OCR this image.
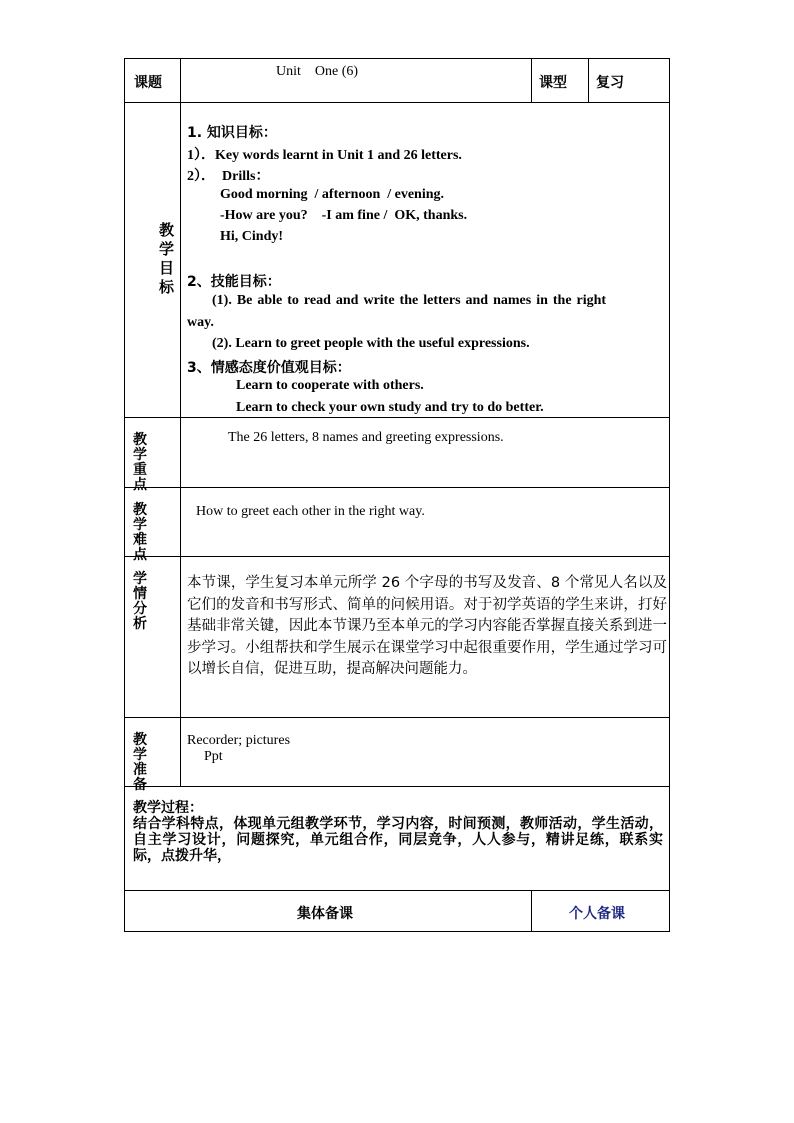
课题
Unit    One (6)
课型 复习
教
学
目
标
1. 知识目标：
1）．Key words learnt in Unit 1 and 26 letters.
2）．  Drills：
Good morning  / afternoon  / evening.
-How are you?    -I am fine /  OK, thanks.
Hi, Cindy!
2、技能目标：
(1). Be able to read and write the letters and names in the right
way.
(2). Learn to greet people with the useful expressions.
3、情感态度价值观目标：
Learn to cooperate with others.
Learn to check your own study and try to do better.
教 学
重 点
The 26 letters, 8 names and greeting expressions.
教 学
难 点
How to greet each other in the right way.
学 情
分 析
本节课，学生复习本单元所学 26 个字母的书写及发音、8 个常见人名以及它们的发音和书写形式、简单的问候用语。对于初学英语的学生来讲，打好基础非常关键，因此本节课乃至本单元的学习内容能否掌握直接关系到进一步学习。小组帮扶和学生展示在课堂学习中起很重要作用，学生通过学习可以增长自信，促进互助，提高解决问题能力。
教 学
准 备
Recorder; pictures
Ppt
教学过程：
结合学科特点，体现单元组教学环节，学习内容，时间预测，教师活动，学生活动，自主学习设计，问题探究，单元组合作，同层竞争，人人参与，精讲足练，联系实际，点拨升华，
集体备课	个人备课
